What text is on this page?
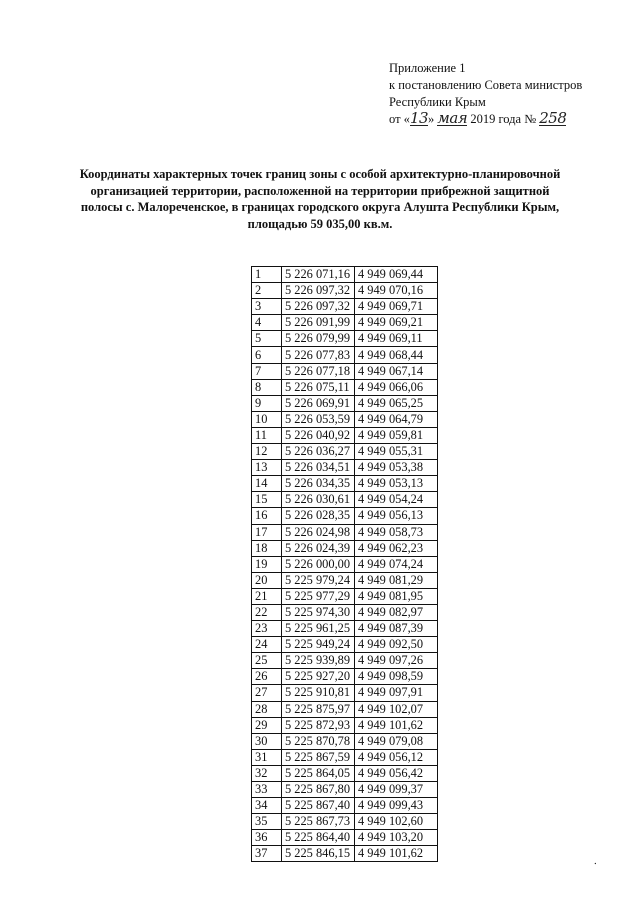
Приложение 1
к постановлению Совета министров
Республики Крым
от «13» мая 2019 года № 258
Координаты характерных точек границ зоны с особой архитектурно-планировочной организацией территории, расположенной на территории прибрежной защитной полосы с. Малореченское, в границах городского округа Алушта Республики Крым, площадью 59 035,00 кв.м.
1	5 226 071,16	4 949 069,44
2	5 226 097,32	4 949 070,16
3	5 226 097,32	4 949 069,71
4	5 226 091,99	4 949 069,21
5	5 226 079,99	4 949 069,11
6	5 226 077,83	4 949 068,44
7	5 226 077,18	4 949 067,14
8	5 226 075,11	4 949 066,06
9	5 226 069,91	4 949 065,25
10	5 226 053,59	4 949 064,79
11	5 226 040,92	4 949 059,81
12	5 226 036,27	4 949 055,31
13	5 226 034,51	4 949 053,38
14	5 226 034,35	4 949 053,13
15	5 226 030,61	4 949 054,24
16	5 226 028,35	4 949 056,13
17	5 226 024,98	4 949 058,73
18	5 226 024,39	4 949 062,23
19	5 226 000,00	4 949 074,24
20	5 225 979,24	4 949 081,29
21	5 225 977,29	4 949 081,95
22	5 225 974,30	4 949 082,97
23	5 225 961,25	4 949 087,39
24	5 225 949,24	4 949 092,50
25	5 225 939,89	4 949 097,26
26	5 225 927,20	4 949 098,59
27	5 225 910,81	4 949 097,91
28	5 225 875,97	4 949 102,07
29	5 225 872,93	4 949 101,62
30	5 225 870,78	4 949 079,08
31	5 225 867,59	4 949 056,12
32	5 225 864,05	4 949 056,42
33	5 225 867,80	4 949 099,37
34	5 225 867,40	4 949 099,43
35	5 225 867,73	4 949 102,60
36	5 225 864,40	4 949 103,20
37	5 225 846,15	4 949 101,62
⸱
